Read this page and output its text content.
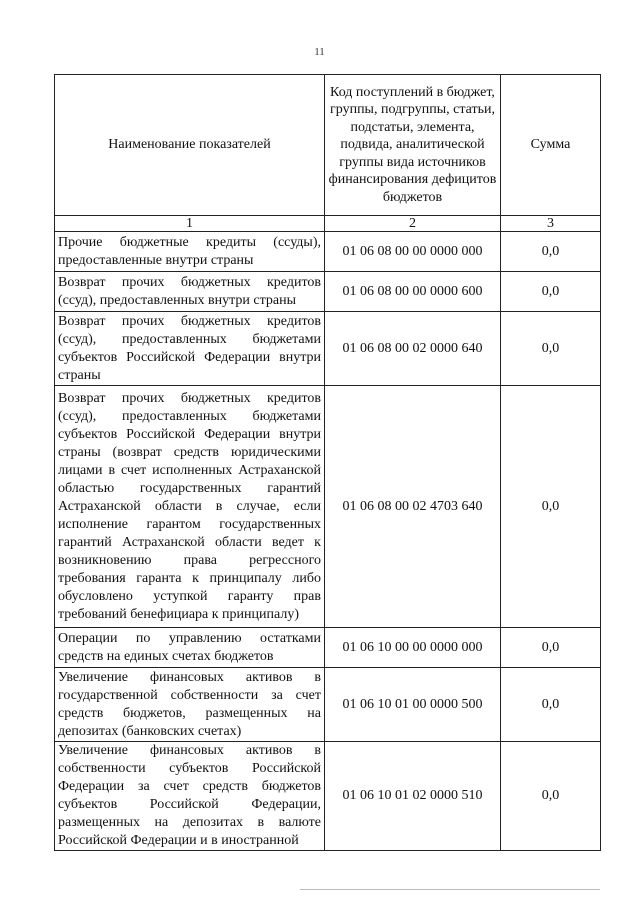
11
Наименование показателей	Код поступлений в бюджет, группы, подгруппы, статьи, подстатьи, элемента, подвида, аналитической группы вида источников финансирования дефицитов бюджетов	Сумма
1	2	3
Прочие бюджетные кредиты (ссуды), предоставленные внутри страны	01 06 08 00 00 0000 000	0,0
Возврат прочих бюджетных кредитов (ссуд), предоставленных внутри страны	01 06 08 00 00 0000 600	0,0
Возврат прочих бюджетных кредитов (ссуд), предоставленных бюджетами субъектов Российской Федерации внутри страны	01 06 08 00 02 0000 640	0,0
Возврат прочих бюджетных кредитов (ссуд), предоставленных бюджетами субъектов Российской Федерации внутри страны (возврат средств юридическими лицами в счет исполненных Астраханской областью государственных гарантий Астраханской области в случае, если исполнение гарантом государственных гарантий Астраханской области ведет к возникновению права регрессного требования гаранта к принципалу либо обусловлено уступкой гаранту прав требований бенефициара к принципалу)	01 06 08 00 02 4703 640	0,0
Операции по управлению остатками средств на единых счетах бюджетов	01 06 10 00 00 0000 000	0,0
Увеличение финансовых активов в государственной собственности за счет средств бюджетов, размещенных на депозитах (банковских счетах)	01 06 10 01 00 0000 500	0,0
Увеличение финансовых активов в собственности субъектов Российской Федерации за счет средств бюджетов субъектов Российской Федерации, размещенных на депозитах в валюте Российской Федерации и в иностранной	01 06 10 01 02 0000 510	0,0
